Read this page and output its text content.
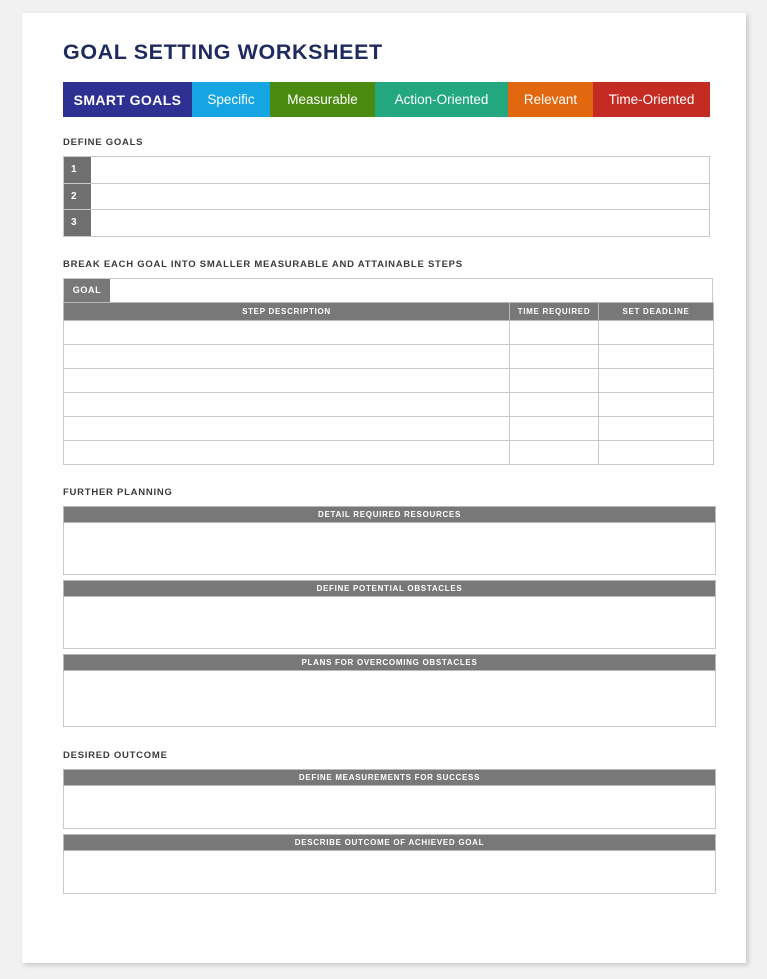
GOAL SETTING WORKSHEET
SMART GOALS Specific Measurable	Action-Oriented	Relevant Time-Oriented
DEFINE GOALS
1
2
3
BREAK EACH GOAL INTO SMALLER MEASURABLE AND ATTAINABLE STEPS
GOAL
STEP DESCRIPTION	TIME REQUIRED	SET DEADLINE

FURTHER PLANNING
DETAIL REQUIRED RESOURCES
DEFINE POTENTIAL OBSTACLES
PLANS FOR OVERCOMING OBSTACLES
DESIRED OUTCOME
DEFINE MEASUREMENTS FOR SUCCESS
DESCRIBE OUTCOME OF ACHIEVED GOAL
